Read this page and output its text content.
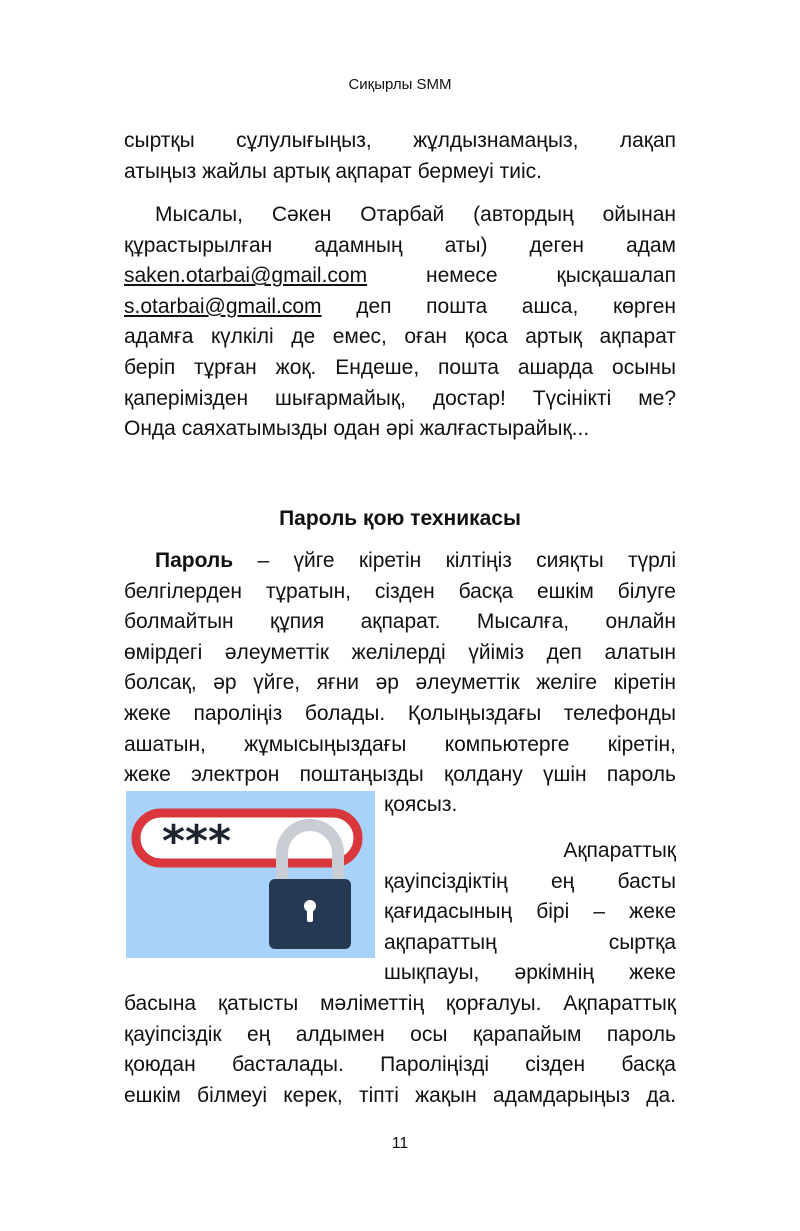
Сиқырлы SMM
сыртқы сұлулығыңыз, жұлдызнамаңыз, лақап
атыңыз жайлы артық ақпарат бермеуі тиіс.
Мысалы, Сәкен Отарбай (автордың ойынан
құрастырылған адамның аты) деген адам
saken.otarbai@gmail.com	немесе қысқашалап
s.otarbai@gmail.com деп пошта ашса, көрген
адамға күлкілі де емес, оған қоса артық ақпарат
беріп тұрған жоқ. Ендеше, пошта ашарда осыны
қаперімізден шығармайық, достар! Түсінікті ме?
Онда саяхатымызды одан әрі жалғастырайық...
Пароль қою техникасы
Пароль – үйге кіретін кілтіңіз сияқты түрлі
белгілерден тұратын, сізден басқа ешкім білуге
болмайтын құпия ақпарат. Мысалға, онлайн
өмірдегі әлеуметтік желілерді үйіміз деп алатын
болсақ, әр үйге, яғни әр әлеуметтік желіге кіретін
жеке пароліңіз болады. Қолыңыздағы телефонды
ашатын, жұмысыңыздағы компьютерге кіретін,
жеке электрон поштаңызды қолдану үшін пароль
қоясыз.
Ақпараттық
қауіпсіздіктің ең басты
қағидасының бірі – жеке
ақпараттың сыртқа
шықпауы, әркімнің жеке
басына қатысты мәліметтің қорғалуы. Ақпараттық
қауіпсіздік ең алдымен осы қарапайым пароль
қоюдан басталады. Пароліңізді сізден басқа
ешкім білмеуі керек, тіпті жақын адамдарыңыз да.
***
11
